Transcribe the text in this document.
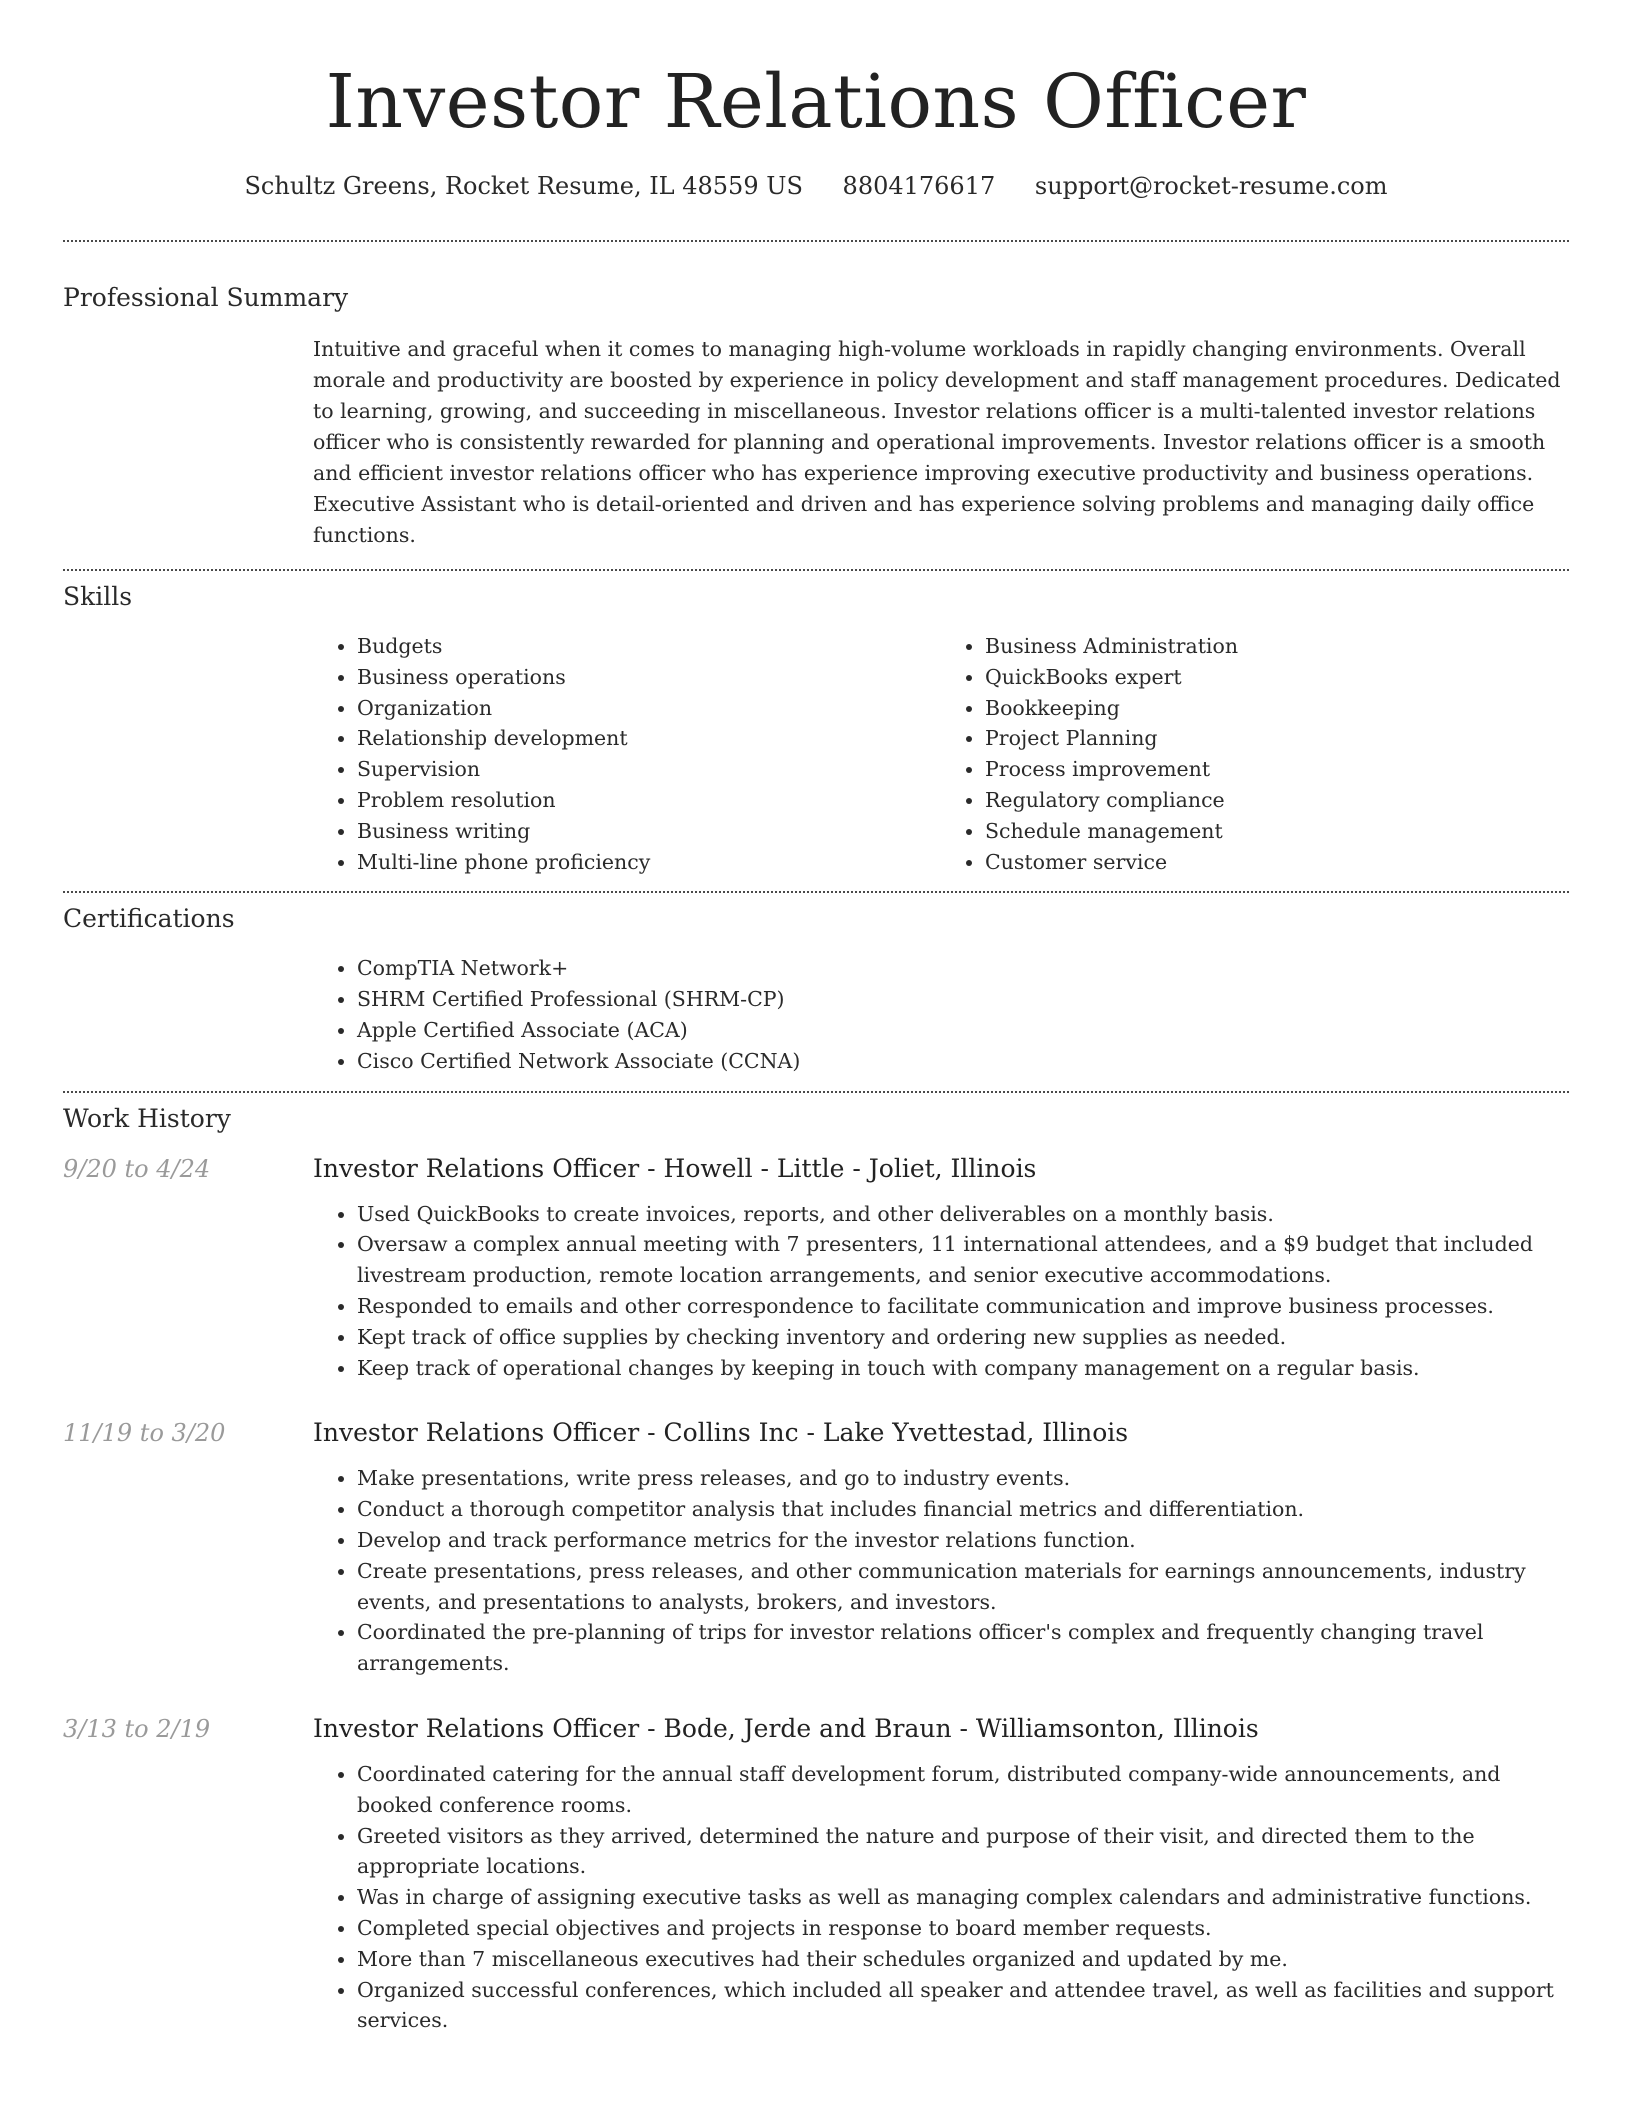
Investor Relations Officer
Schultz Greens, Rocket Resume, IL 48559 US 8804176617 support@rocket-resume.com
Professional Summary
Intuitive and graceful when it comes to managing high-volume workloads in rapidly changing environments. Overall morale and productivity are boosted by experience in policy development and staff management procedures. Dedicated to learning, growing, and succeeding in miscellaneous. Investor relations officer is a multi-talented investor relations officer who is consistently rewarded for planning and operational improvements. Investor relations officer is a smooth and efficient investor relations officer who has experience improving executive productivity and business operations. Executive Assistant who is detail-oriented and driven and has experience solving problems and managing daily office functions.
Skills
• Budgets
• Business operations
• Organization
• Relationship development
• Supervision
• Problem resolution
• Business writing
• Multi-line phone proficiency
• Business Administration
• QuickBooks expert
• Bookkeeping
• Project Planning
• Process improvement
• Regulatory compliance
• Schedule management
• Customer service
Certifications
• CompTIA Network+
• SHRM Certified Professional (SHRM-CP)
• Apple Certified Associate (ACA)
• Cisco Certified Network Associate (CCNA)
Work History
9/20 to 4/24	Investor Relations Officer - Howell - Little - Joliet, Illinois
• Used QuickBooks to create invoices, reports, and other deliverables on a monthly basis.
• Oversaw a complex annual meeting with 7 presenters, 11 international attendees, and a $9 budget that included livestream production, remote location arrangements, and senior executive accommodations.
• Responded to emails and other correspondence to facilitate communication and improve business processes.
• Kept track of office supplies by checking inventory and ordering new supplies as needed.
• Keep track of operational changes by keeping in touch with company management on a regular basis.
11/19 to 3/20	Investor Relations Officer - Collins Inc - Lake Yvettestad, Illinois
• Make presentations, write press releases, and go to industry events.
• Conduct a thorough competitor analysis that includes financial metrics and differentiation.
• Develop and track performance metrics for the investor relations function.
• Create presentations, press releases, and other communication materials for earnings announcements, industry events, and presentations to analysts, brokers, and investors.
• Coordinated the pre-planning of trips for investor relations officer's complex and frequently changing travel arrangements.
3/13 to 2/19	Investor Relations Officer - Bode, Jerde and Braun - Williamsonton, Illinois
• Coordinated catering for the annual staff development forum, distributed company-wide announcements, and booked conference rooms.
• Greeted visitors as they arrived, determined the nature and purpose of their visit, and directed them to the appropriate locations.
• Was in charge of assigning executive tasks as well as managing complex calendars and administrative functions.
• Completed special objectives and projects in response to board member requests.
• More than 7 miscellaneous executives had their schedules organized and updated by me.
• Organized successful conferences, which included all speaker and attendee travel, as well as facilities and support services.
